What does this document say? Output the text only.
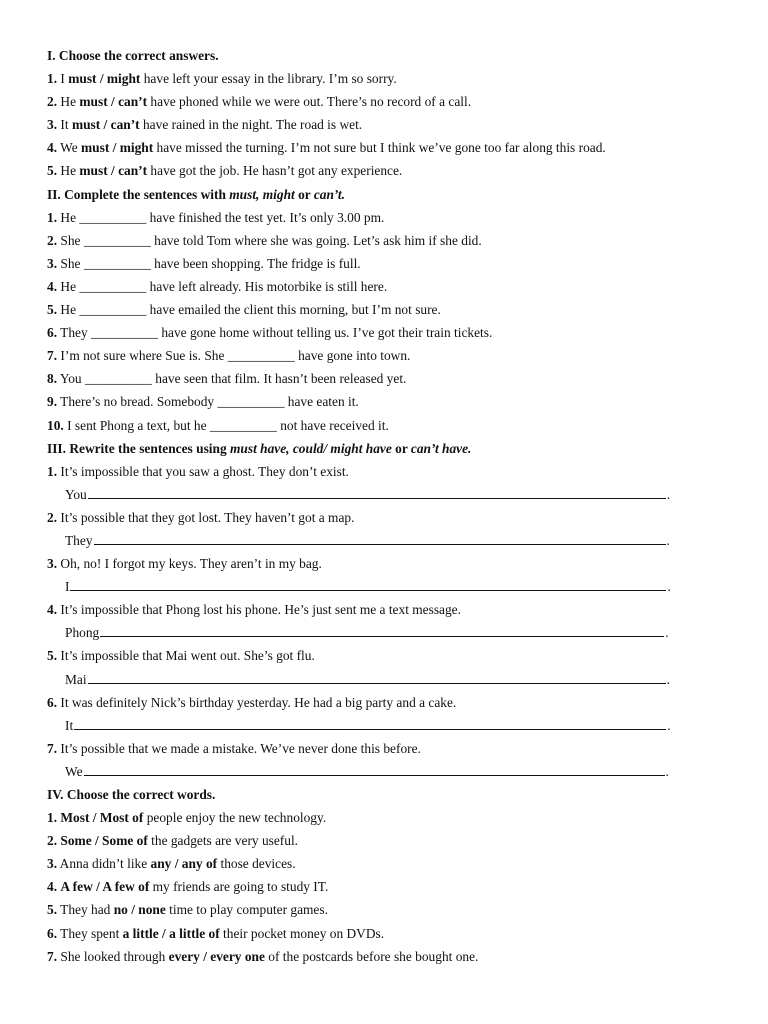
I. Choose the correct answers.
1. I must / might have left your essay in the library. I’m so sorry.
2. He must / can’t have phoned while we were out. There’s no record of a call.
3. It must / can’t have rained in the night. The road is wet.
4. We must / might have missed the turning. I’m not sure but I think we’ve gone too far along this road.
5. He must / can’t have got the job. He hasn’t got any experience.
II. Complete the sentences with must, might or can’t.
1. He __________ have finished the test yet. It’s only 3.00 pm.
2. She __________ have told Tom where she was going. Let’s ask him if she did.
3. She __________ have been shopping. The fridge is full.
4. He __________ have left already. His motorbike is still here.
5. He __________ have emailed the client this morning, but I’m not sure.
6. They __________ have gone home without telling us. I’ve got their train tickets.
7. I’m not sure where Sue is. She __________ have gone into town.
8. You __________ have seen that film. It hasn’t been released yet.
9. There’s no bread. Somebody __________ have eaten it.
10. I sent Phong a text, but he __________ not have received it.
III. Rewrite the sentences using must have, could/ might have or can’t have.
1. It’s impossible that you saw a ghost. They don’t exist.
You	.
2. It’s possible that they got lost. They haven’t got a map.
They	.
3. Oh, no! I forgot my keys. They aren’t in my bag.
I	.
4. It’s impossible that Phong lost his phone. He’s just sent me a text message.
Phong	.
5. It’s impossible that Mai went out. She’s got flu.
Mai	.
6. It was definitely Nick’s birthday yesterday. He had a big party and a cake.
It	.
7. It’s possible that we made a mistake. We’ve never done this before.
We	.
IV. Choose the correct words.
1. Most / Most of people enjoy the new technology.
2. Some / Some of the gadgets are very useful.
3. Anna didn’t like any / any of those devices.
4. A few / A few of my friends are going to study IT.
5. They had no / none time to play computer games.
6. They spent a little / a little of their pocket money on DVDs.
7. She looked through every / every one of the postcards before she bought one.
